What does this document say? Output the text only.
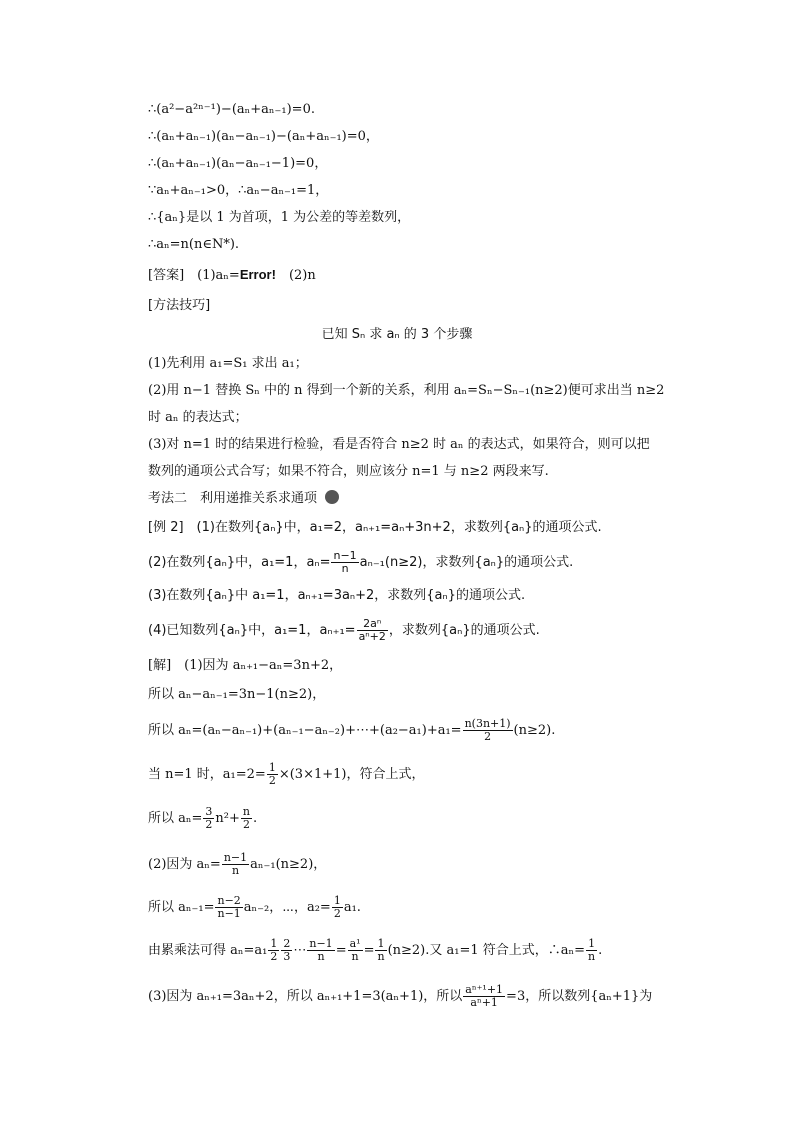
∴(a²−a²ⁿ⁻¹)−(aₙ+aₙ₋₁)=0.
∴(aₙ+aₙ₋₁)(aₙ−aₙ₋₁)−(aₙ+aₙ₋₁)=0，
∴(aₙ+aₙ₋₁)(aₙ−aₙ₋₁−1)=0，
∵aₙ+aₙ₋₁>0，∴aₙ−aₙ₋₁=1，
∴{aₙ}是以 1 为首项，1 为公差的等差数列，
∴aₙ=n(n∈N*).
[答案]　(1)aₙ=Error!　(2)n
[方法技巧]
已知 Sₙ 求 aₙ 的 3 个步骤
(1)先利用 a₁=S₁ 求出 a₁；
(2)用 n−1 替换 Sₙ 中的 n 得到一个新的关系，利用 aₙ=Sₙ−Sₙ₋₁(n≥2)便可求出当 n≥2
时 aₙ 的表达式；
(3)对 n=1 时的结果进行检验，看是否符合 n≥2 时 aₙ 的表达式，如果符合，则可以把
数列的通项公式合写；如果不符合，则应该分 n=1 与 n≥2 两段来写.
考法二　利用递推关系求通项
[例 2]　(1)在数列{aₙ}中，a₁=2，aₙ₊₁=aₙ+3n+2，求数列{aₙ}的通项公式.
(2)在数列{aₙ}中，a₁=1，$a_n= \frac{n-1}{n} a_{n-1}(n\ge 2)$，求数列{aₙ}的通项公式.
(3)在数列{aₙ}中 a₁=1，aₙ₊₁=3aₙ+2，求数列{aₙ}的通项公式.
(4)已知数列{aₙ}中，a₁=1，$a_{n+1}= \frac{\text{2aⁿ}}{\text{aⁿ+2}}$ ，求数列{aₙ}的通项公式.
[解]　(1)因为 aₙ₊₁−aₙ=3n+2，
所以 aₙ−aₙ₋₁=3n−1(n≥2)，
所以 aₙ=(aₙ−aₙ₋₁)+(aₙ₋₁−aₙ₋₂)+⋯+(a₂−a₁)+a₁= $\frac{n(3n+1)}{2} (n\ge 2)$.
当 n=1 时，$a_1=2= \frac{1}{2} \times(3\times 1+1)$，符合上式，
所以 $a_n= \frac{3}{2} n^2+ \frac{n}{2}$ .
(2)因为 $a_n= \frac{n-1}{n} a_{n-1}(n\ge 2)$，
所以 $a_{n-1}= \frac{n-2}{n-1} a_{n-2}$，⋯，$a_2= \frac{1}{2} a_1$.
由累乘法可得 $a_n=a_1 \frac{1}{2} \frac{2}{3}$ ⋯ $\frac{n-1}{n} = \frac{\text{a¹}}{n} = \frac{1}{n} (n\ge 2)$.又 a₁=1 符合上式，∴aₙ= $\frac{1}{n}$ .
(3)因为 aₙ₊₁=3aₙ+2，所以 aₙ₊₁+1=3(aₙ+1)，所以 $\frac{\text{aⁿ⁺¹+1}}{\text{aⁿ+1}} =3$，所以数列{aₙ+1}为
